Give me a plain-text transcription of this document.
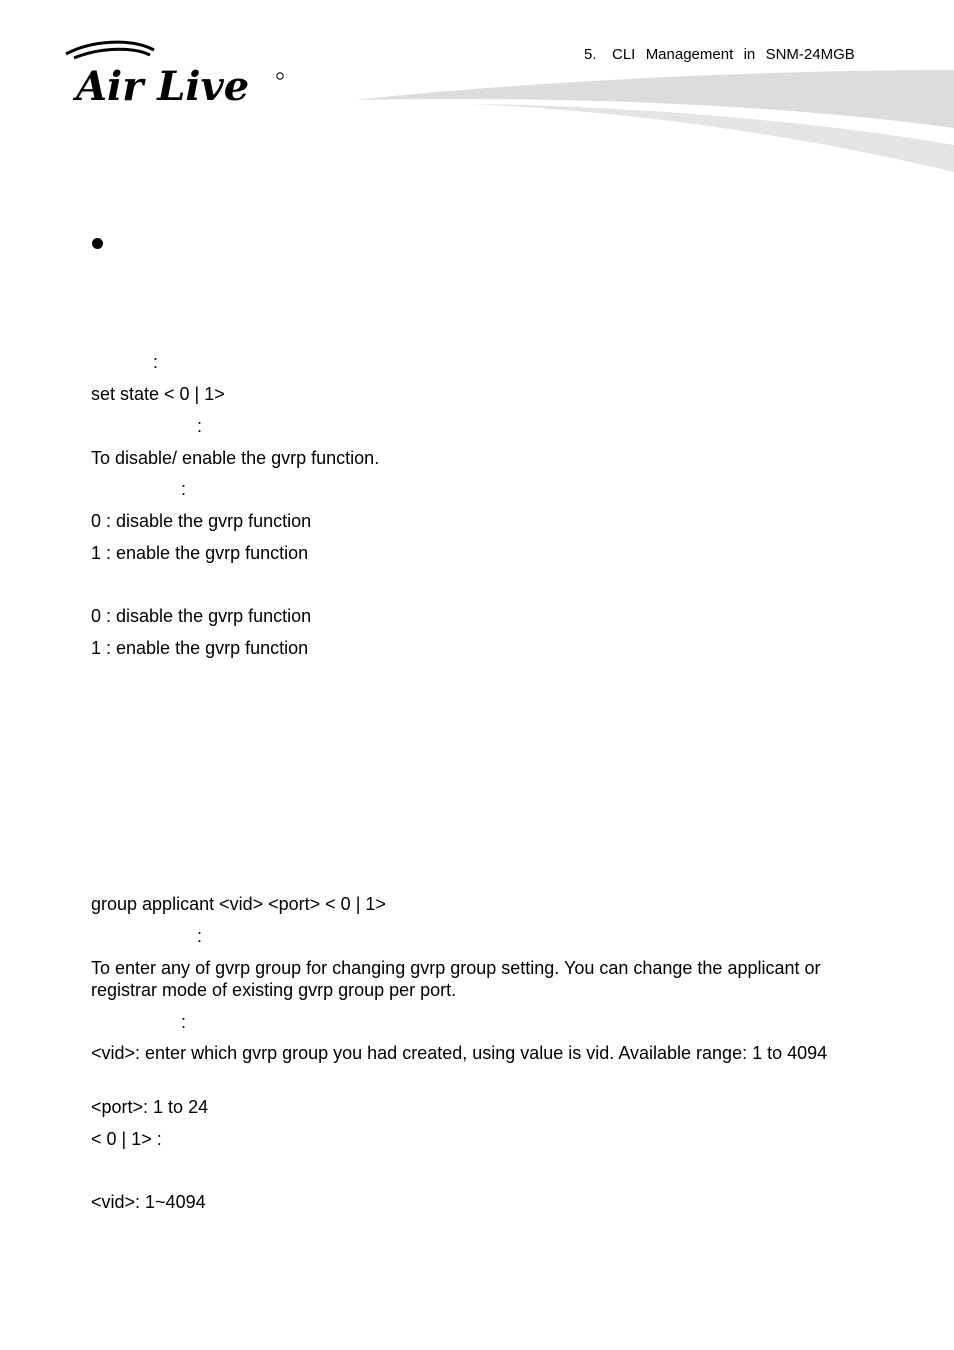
Air Live
5.   CLI  Management  in  SNM-24MGB
:
set state < 0 | 1>
:
To disable/ enable the gvrp function.
:
0 : disable the gvrp function
1 : enable the gvrp function
0 : disable the gvrp function
1 : enable the gvrp function
group applicant <vid> <port> < 0 | 1>
:
To enter any of gvrp group for changing gvrp group setting. You can change the applicant or registrar mode of existing gvrp group per port.
:
<vid>: enter which gvrp group you had created, using value is vid. Available range: 1 to 4094
<port>: 1 to 24
< 0 | 1> :
<vid>: 1~4094
